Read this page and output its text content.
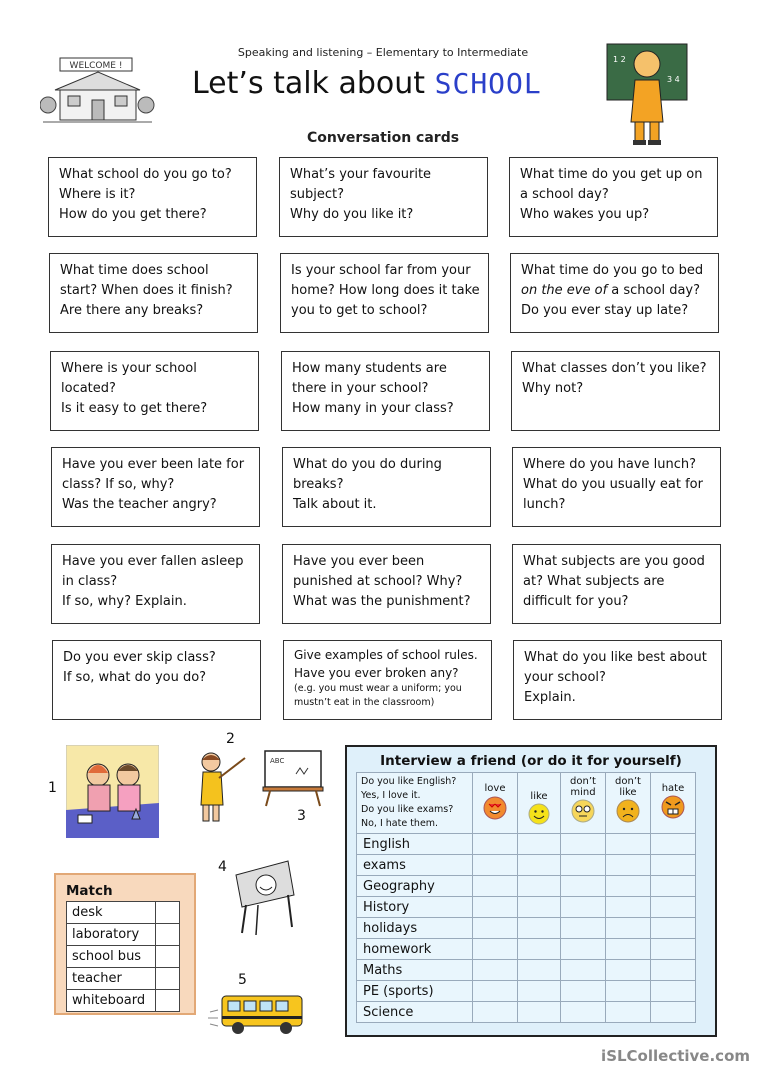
Speaking and listening – Elementary to Intermediate
Let’s talk about SCHOOL
Conversation cards
WELCOME !
1 2
3 4
What school do you go to?
Where is it?
How do you get there?
What’s your favourite
subject?
Why do you like it?
What time do you get up on
a school day?
Who wakes you up?
What time does school
start? When does it finish?
Are there any breaks?
Is your school far from your
home? How long does it take
you to get to school?
What time do you go to bed
on the eve of a school day?
Do you ever stay up late?
Where is your school
located?
Is it easy to get there?
How many students are
there in your school?
How many in your class?
What classes don’t you like?
Why not?
Have you ever been late for
class? If so, why?
Was the teacher angry?
What do you do during
breaks?
Talk about it.
Where do you have lunch?
What do you usually eat for
lunch?
Have you ever fallen asleep
in class?
If so, why? Explain.
Have you ever been
punished at school? Why?
What was the punishment?
What subjects are you good
at? What subjects are
difficult for you?
Do you ever skip class?
If so, what do you do?
Give examples of school rules.
Have you ever broken any?
(e.g. you must wear a uniform; you
mustn’t eat in the classroom)
What do you like best about
your school?
Explain.
1
2
3
4
5
ABC
Match
desk	
laboratory	
school bus	
teacher	
whiteboard	
Interview a friend (or do it for yourself)
Do you like English?
Yes, I love it.
Do you like exams?
No, I hate them.	love	like	don’t mind	don’t like	hate

English					
exams					
Geography					
History					
holidays					
homework					
Maths					
PE (sports)					
Science					
iSLCollective.com
